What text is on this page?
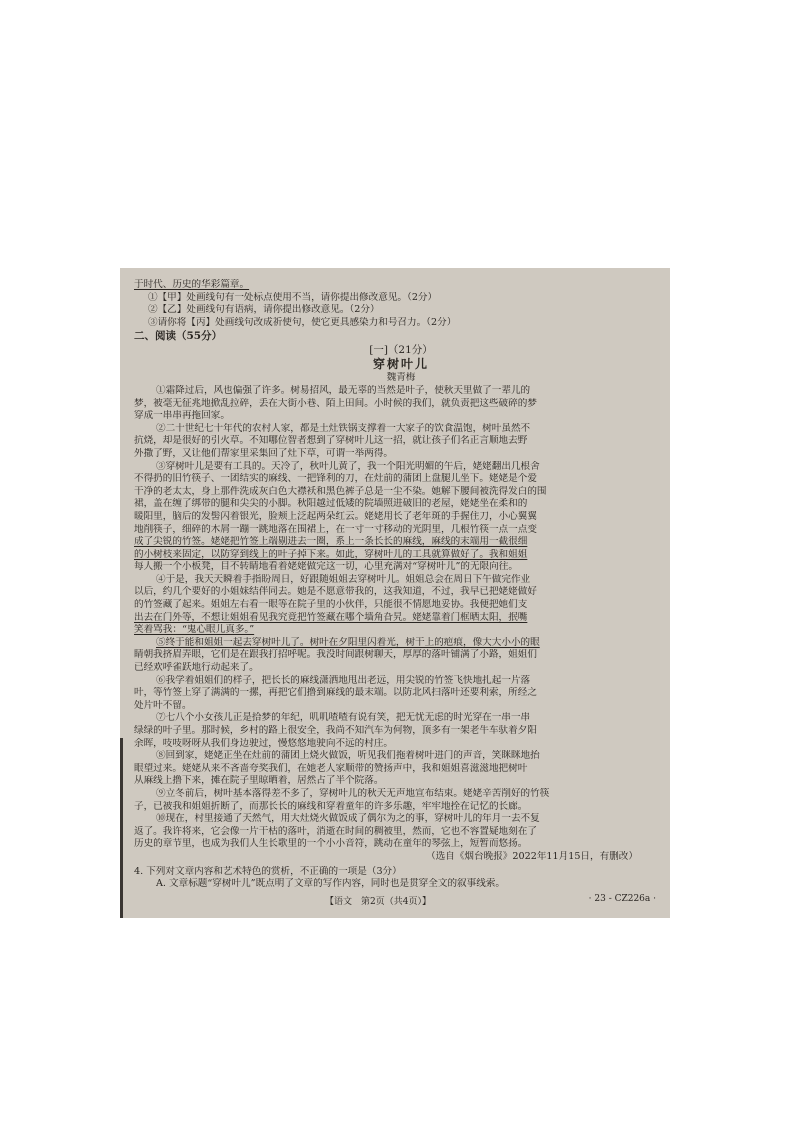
于时代、历史的华彩篇章。
①【甲】处画线句有一处标点使用不当，请你提出修改意见。（2分）
②【乙】处画线句有语病，请你提出修改意见。（2分）
③请你将【丙】处画线句改成祈使句，使它更具感染力和号召力。（2分）
二、阅读（55分）
[一]（21分）
穿树叶儿
魏青梅
①霜降过后，风也偏强了许多。树易招风，最无辜的当然是叶子，使秋天里做了一辈儿的
梦，被毫无征兆地掀乱拉碎，丢在大街小巷、陌上田间。小时候的我们，就负责把这些破碎的梦
穿成一串串再拖回家。
②二十世纪七十年代的农村人家，都是土灶铁锅支撑着一大家子的饮食温饱，树叶虽然不
抗烧，却是很好的引火草。不知哪位智者想到了穿树叶儿这一招，就让孩子们名正言顺地去野
外撒了野，又让他们帮家里采集回了灶下草，可谓一举两得。
③穿树叶儿是要有工具的。天冷了，秋叶儿黄了，我一个阳光明媚的午后，姥姥翻出几根舍
不得扔的旧竹筷子、一团结实的麻线、一把锋利的刀，在灶前的蒲团上盘腿儿坐下。姥姥是个爱
干净的老太太，身上那件洗成灰白色大襟袄和黑色裤子总是一尘不染。她解下腰间被洗得发白的围
裙，盖在缠了绑带的腿和尖尖的小脚。秋阳越过低矮的院墙照进破旧的老屋，姥姥坐在柔和的
暖阳里，脑后的发髻闪着银光，脸颊上泛起两朵红云。姥姥用长了老年斑的手握住刀，小心翼翼
地削筷子，细碎的木屑一蹦一跳地落在围裙上，在一寸一寸移动的光阴里，几根竹筷一点一点变
成了尖锐的竹签。姥姥把竹签上端剔进去一圈，系上一条长长的麻线，麻线的末端用一截很细
的小树枝来固定，以防穿到线上的叶子掉下来。如此，穿树叶儿的工具就算做好了。我和姐姐
每人搬一个小板凳，目不转睛地看着姥姥做完这一切，心里充满对“穿树叶儿”的无限向往。
④于是，我天天瞬着手指盼周日，好跟随姐姐去穿树叶儿。姐姐总会在周日下午做完作业
以后，约几个要好的小姐妹结伴同去。她是不愿意带我的，这我知道，不过，我早已把姥姥做好
的竹签藏了起来。姐姐左右看一眼等在院子里的小伙伴，只能很不情愿地妥协。我便把她们支
出去在门外等，不想让姐姐看见我究竟把竹签藏在哪个墙角旮旯。姥姥靠着门框晒太阳，抿嘴
笑着骂我：“鬼心眼儿真多。”
⑤终于能和姐姐一起去穿树叶儿了。树叶在夕阳里闪着光，树干上的疤痕，像大大小小的眼
睛朝我挤眉弄眼，它们是在跟我打招呼呢。我没时间跟树聊天，厚厚的落叶铺满了小路，姐姐们
已经欢呼雀跃地行动起来了。
⑥我学着姐姐们的样子，把长长的麻线潇洒地甩出老远，用尖锐的竹签飞快地扎起一片落
叶，等竹签上穿了满满的一摞，再把它们撸到麻线的最末端。以防北风扫落叶还要利索，所经之
处片叶不留。
⑦七八个小女孩儿正是拾梦的年纪，叽叽喳喳有说有笑，把无忧无虑的时光穿在一串一串
绿绿的叶子里。那时候，乡村的路上很安全，我尚不知汽车为何物，顶多有一架老牛车驮着夕阳
余晖，吱吱呀呀从我们身边驶过，慢悠悠地驶向不远的村庄。
⑧回到家，姥姥正坐在灶前的蒲团上烧火做饭，听见我们拖着树叶进门的声音，笑眯眯地抬
眼望过来。姥姥从来不吝啬夸奖我们，在她老人家顺带的赞扬声中，我和姐姐喜滋滋地把树叶
从麻线上撸下来，摊在院子里晾晒着，居然占了半个院落。
⑨立冬前后，树叶基本落得差不多了，穿树叶儿的秋天无声地宣布结束。姥姥辛苦削好的竹筷
子，已被我和姐姐折断了，而那长长的麻线和穿着童年的许多乐趣，牢牢地拴在记忆的长廊。
⑩现在，村里接通了天然气，用大灶烧火做饭成了偶尔为之的事，穿树叶儿的年月一去不复
返了。我许将来，它会像一片干枯的落叶，消逝在时间的稠被里，然而，它也不容置疑地刻在了
历史的章节里，也成为我们人生长歌里的一个小小音符，跳动在童年的琴弦上，短暂而悠扬。
（选自《烟台晚报》2022年11月15日，有删改）
4. 下列对文章内容和艺术特色的赏析，不正确的一项是（3分）
A. 文章标题“穿树叶儿”既点明了文章的写作内容，同时也是贯穿全文的叙事线索。
【语文　第2页（共4页）】	· 23 - CZ226a ·
